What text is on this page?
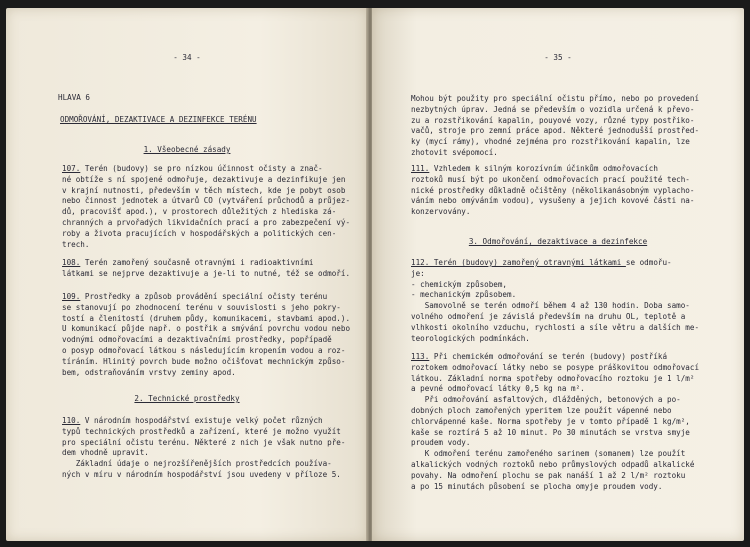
- 34 -
HLAVA 6
ODMOŘOVÁNÍ, DEZAKTIVACE A DEZINFEKCE TERÉNU
1. Všeobecné zásady
107. Terén (budovy) se pro nízkou účinnost očisty a znač-
né obtíže s ní spojené odmořuje, dezaktivuje a dezinfikuje jen
v krajní nutnosti, především v těch místech, kde je pobyt osob
nebo činnost jednotek a útvarů CO (vytváření průchodů a průjez-
dů, pracovišť apod.), v prostorech důležitých z hlediska zá-
chranných a prvořadých likvidačních prací a pro zabezpečení vý-
roby a života pracujících v hospodářských a politických cen-
trech.
108. Terén zamořený současně otravnými i radioaktivními
látkami se nejprve dezaktivuje a je-li to nutné, též se odmoří.
109. Prostředky a způsob provádění speciální očisty terénu
se stanovují po zhodnocení terénu v souvislosti s jeho pokry-
tostí a členitostí (druhem půdy, komunikacemi, stavbami apod.).
U komunikací půjde např. o postřik a smývání povrchu vodou nebo
vodnými odmořovacími a dezaktivačními prostředky, popřípadě
o posyp odmořovací látkou s následujícím kropením vodou a roz-
tíráním. Hlinitý povrch bude možno očišťovat mechnickým způso-
bem, odstraňováním vrstvy zeminy apod.
2. Technické prostředky
110. V národním hospodářství existuje velký počet různých
typů technických prostředků a zařízení, které je možno využít
pro speciální očistu terénu. Některé z nich je však nutno pře-
dem vhodně upravit.
Základní údaje o nejrozšířenějších prostředcích používa-
ných v míru v národním hospodářství jsou uvedeny v příloze 5.
- 35 -
Mohou být použity pro speciální očistu přímo, nebo po provedení
nezbytných úprav. Jedná se především o vozidla určená k převo-
zu a rozstřikování kapalin, pouyové vozy, různé typy postřiko-
vačů, stroje pro zemní práce apod. Některé jednodušší prostřed-
ky (mycí rámy), vhodné zejména pro rozstřikování kapalin, lze
zhotovit svépomocí.
111. Vzhledem k silným korozívním účinkům odmořovacích
roztoků musí být po ukončení odmořovacích prací použité tech-
nické prostředky důkladně očištěny (několikanásobným vyplacho-
váním nebo omýváním vodou), vysušeny a jejich kovové části na-
konzervovány.
3. Odmořování, dezaktivace a dezinfekce
112. Terén (budovy) zamořený otravnými látkami se odmořu-
je:
- chemickým způsobem,
- mechanickým způsobem.
Samovolně se terén odmoří během 4 až 130 hodin. Doba samo-
volného odmoření je závislá především na druhu OL, teplotě a
vlhkosti okolního vzduchu, rychlosti a síle větru a dalších me-
teorologických podmínkách.
113. Při chemickém odmořování se terén (budovy) postříká
roztokem odmořovací látky nebo se posype práškovitou odmořovací
látkou. Základní norma spotřeby odmořovacího roztoku je 1 l/m²
a pevné odmořovací látky 0,5 kg na m².
Při odmořování asfaltových, dlážděných, betonových a po-
dobných ploch zamořených yperitem lze použít vápenné nebo
chlorvápenné kaše. Norma spotřeby je v tomto případě 1 kg/m²,
kaše se roztírá 5 až 10 minut. Po 30 minutách se vrstva smyje
proudem vody.
K odmoření terénu zamořeného sarinem (somanem) lze použít
alkalických vodných roztoků nebo průmyslových odpadů alkalické
povahy. Na odmoření plochu se pak nanáší 1 až 2 l/m² roztoku
a po 15 minutách působení se plocha omyje proudem vody.
